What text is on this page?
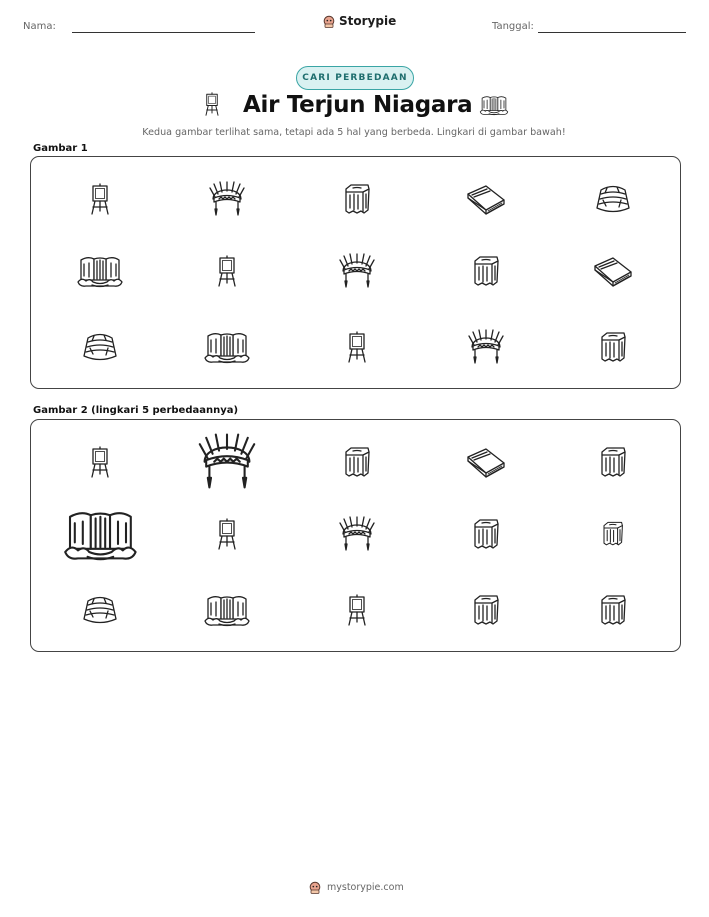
Nama:	Storypie	Tanggal:
CARI PERBEDAAN
Air Terjun Niagara
Kedua gambar terlihat sama, tetapi ada 5 hal yang berbeda. Lingkari di gambar bawah!
Gambar 1
Gambar 2 (lingkari 5 perbedaannya)
mystorypie.com
